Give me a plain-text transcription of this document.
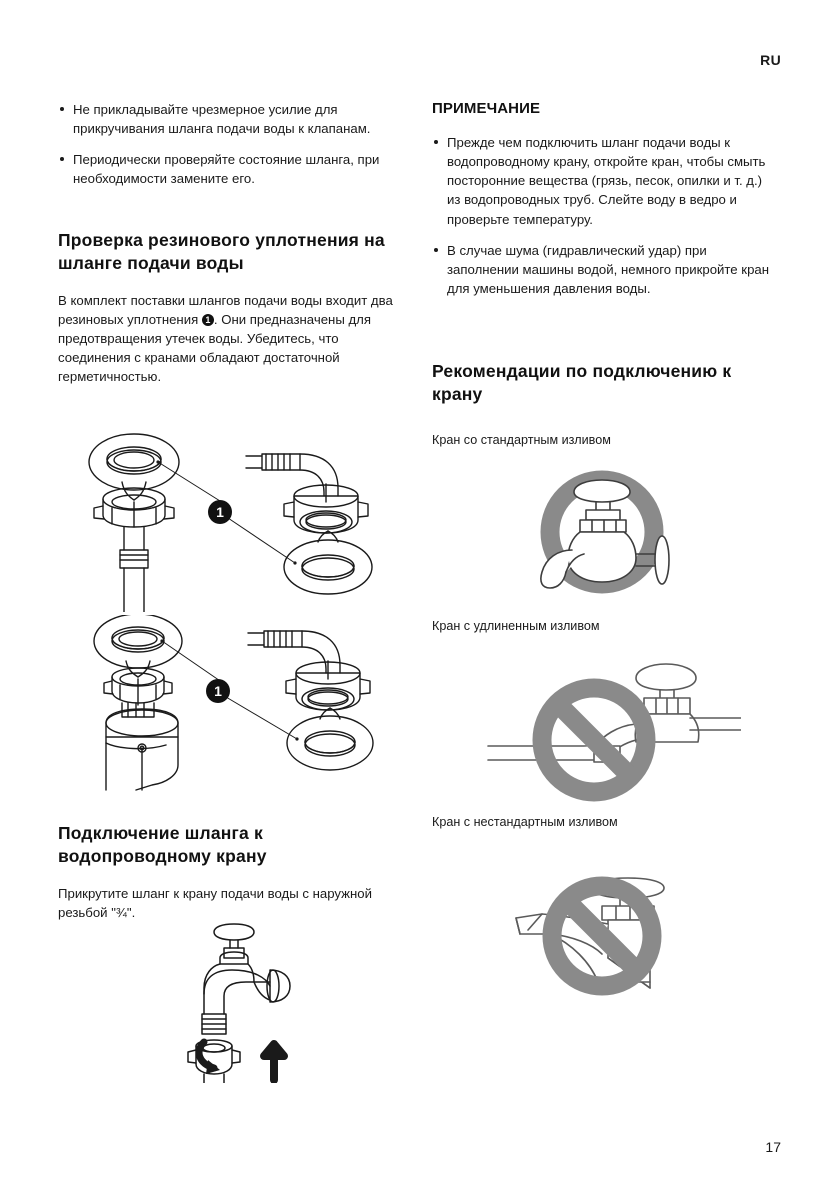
RU
Не прикладывайте чрезмерное усилие для прикручивания шланга подачи воды к клапанам.
Периодически проверяйте состояние шланга, при необходимости замените его.
Проверка резинового уплотнения на шланге подачи воды

В комплект поставки шлангов подачи воды входит два резиновых уплотнения 1 . Они предназначены для предотвращения утечек воды. Убедитесь, что соединения с кранами обладают достаточной герметичностью.

1
1
Подключение шланга к водопроводному крану

Прикрутите шланг к крану подачи воды с наружной резьбой "¾".

ПРИМЕЧАНИЕ
Прежде чем подключить шланг подачи воды к водопроводному крану, откройте кран, чтобы смыть посторонние вещества (грязь, песок, опилки и т. д.) из водопроводных труб. Слейте воду в ведро и проверьте температуру.
В случае шума (гидравлический удар) при заполнении машины водой, немного прикройте кран для уменьшения давления воды.
Рекомендации по подключению к крану

Кран со стандартным изливом

Кран с удлиненным изливом

Кран с нестандартным изливом

17
